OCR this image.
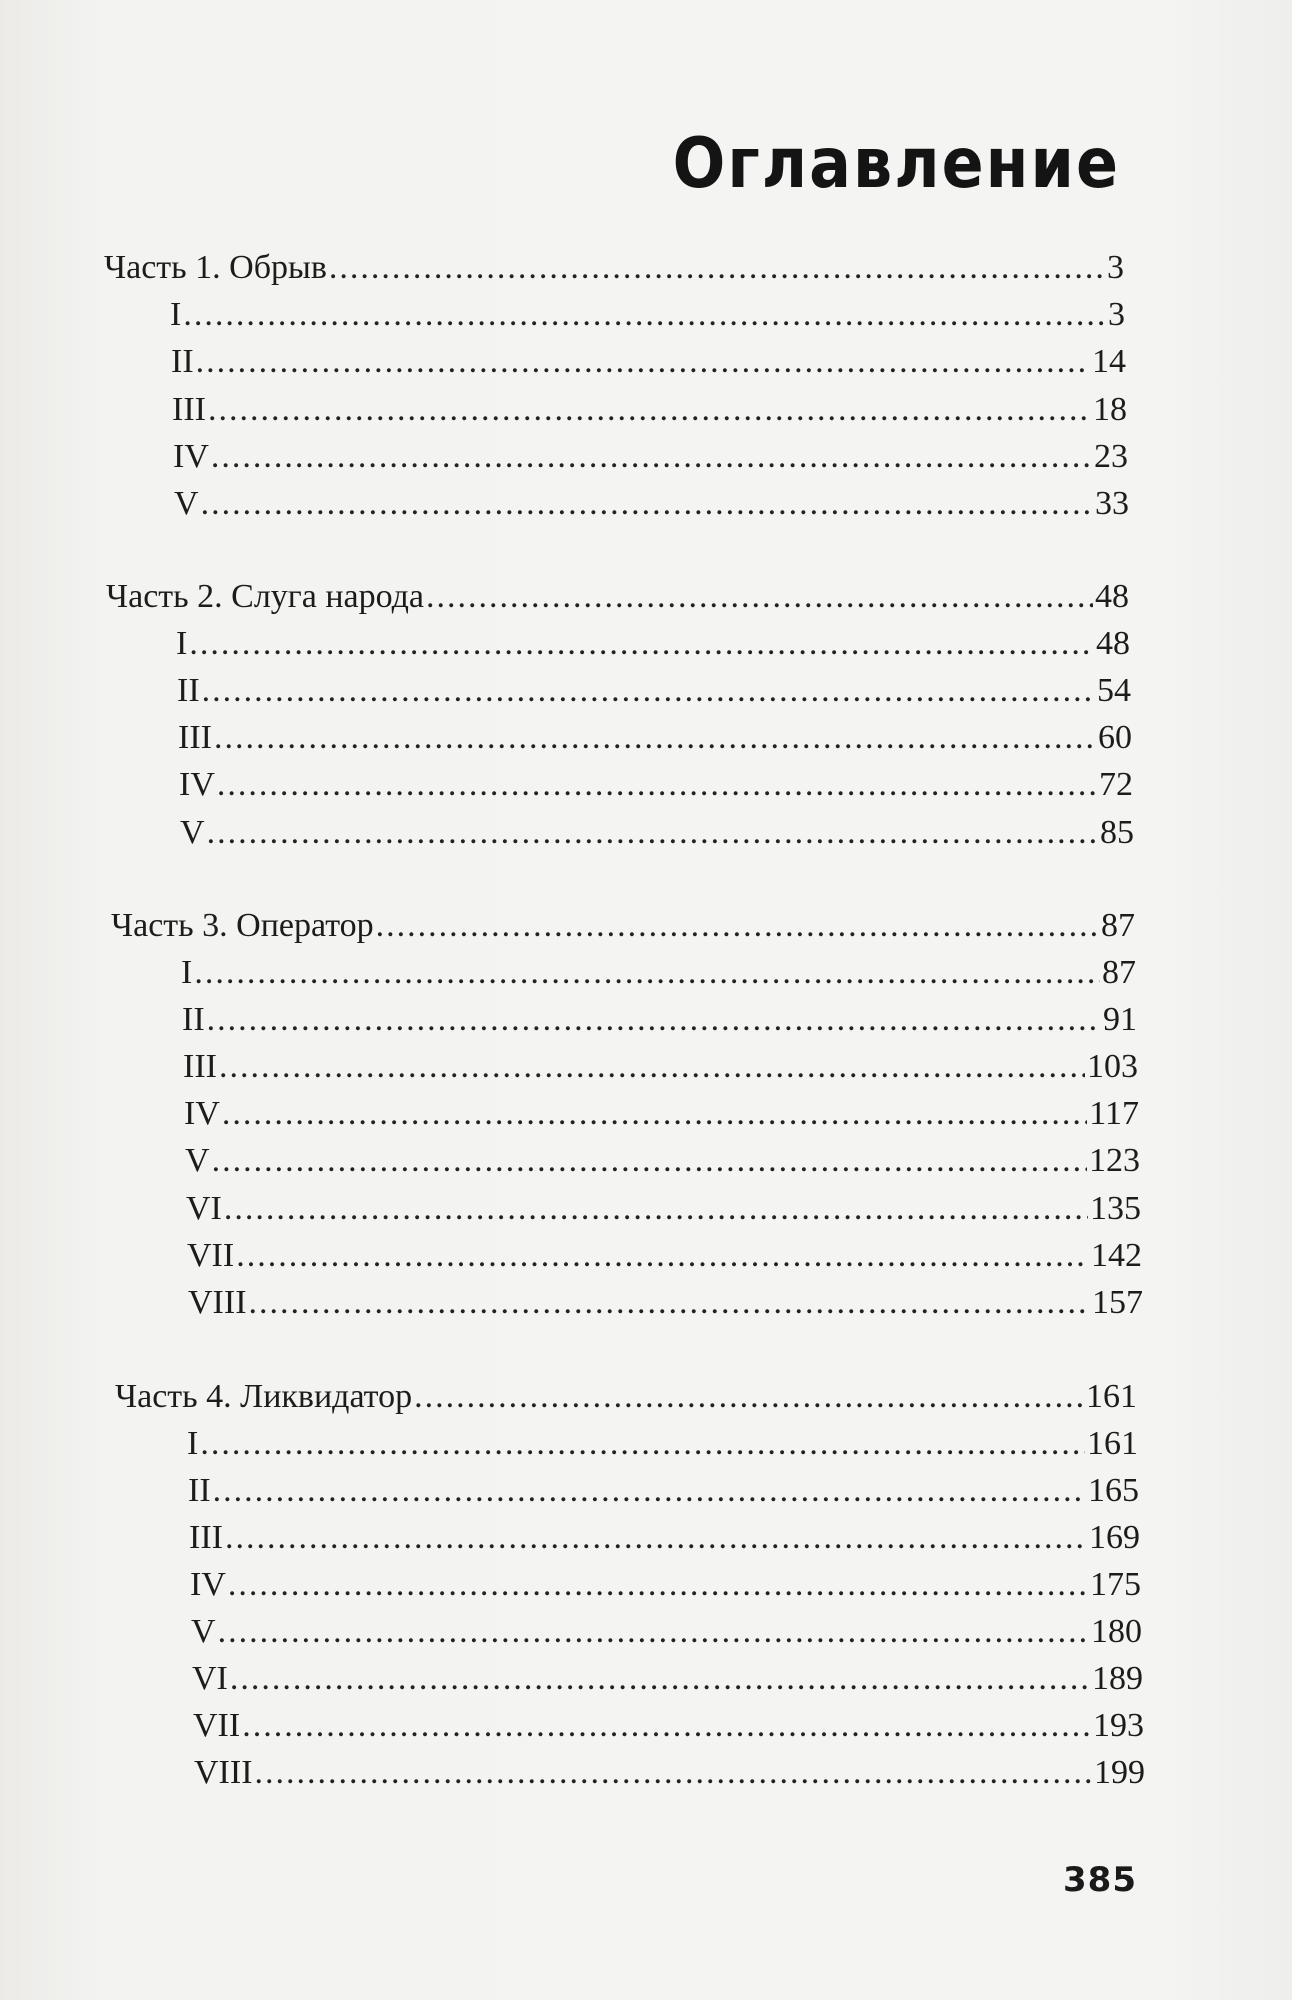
Оглавление
Часть 1. Обрыв .....	3
I .....	3
II .....	14
III .....	18
IV .....	23
V .....	33
Часть 2. Слуга народа .....	48
I .....	48
II .....	54
III .....	60
IV .....	72
V .....	85
Часть 3. Оператор .....	87
I .....	87
II .....	91
III .....	103
IV .....	117
V .....	123
VI .....	135
VII .....	142
VIII .....	157
Часть 4. Ликвидатор .....	161
I .....	161
II .....	165
III .....	169
IV .....	175
V .....	180
VI .....	189
VII .....	193
VIII .....	199
385
